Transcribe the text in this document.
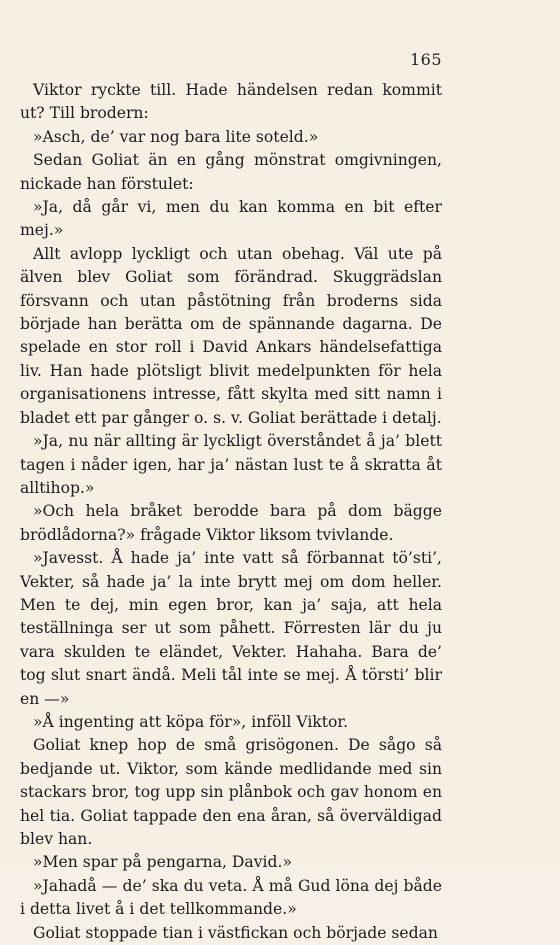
165

Viktor ryckte till. Hade händelsen redan kommit ut? Till brodern:

»Asch, de’ var nog bara lite soteld.»

Sedan Goliat än en gång mönstrat omgivningen, nickade han förstulet:

»Ja, då går vi, men du kan komma en bit efter mej.»

Allt avlopp lyckligt och utan obehag. Väl ute på älven blev Goliat som förändrad. Skuggrädslan försvann och utan påstötning från broderns sida började han berätta om de spännande dagarna. De spelade en stor roll i David Ankars händelsefattiga liv. Han hade plötsligt blivit medelpunkten för hela organisationens intresse, fått skylta med sitt namn i bladet ett par gånger o. s. v. Goliat berättade i detalj.

»Ja, nu när allting är lyckligt överståndet å ja’ blett tagen i nåder igen, har ja’ nästan lust te å skratta åt alltihop.»

»Och hela bråket berodde bara på dom bägge brödlådorna?» frågade Viktor liksom tvivlande.

»Javesst. Å hade ja’ inte vatt så förbannat tö’sti’, Vekter, så hade ja’ la inte brytt mej om dom heller. Men te dej, min egen bror, kan ja’ saja, att hela teställninga ser ut som påhett. Förresten lär du ju vara skulden te eländet, Vekter. Hahaha. Bara de’ tog slut snart ändå. Meli tål inte se mej. Å törsti’ blir en —»

»Å ingenting att köpa för», inföll Viktor.

Goliat knep hop de små grisögonen. De sågo så bedjande ut. Viktor, som kände medlidande med sin stackars bror, tog upp sin plånbok och gav honom en hel tia. Goliat tappade den ena åran, så överväldigad blev han.

»Men spar på pengarna, David.»

»Jahadå — de’ ska du veta. Å må Gud löna dej både i detta livet å i det tellkommande.»

Goliat stoppade tian i västfickan och började sedan
